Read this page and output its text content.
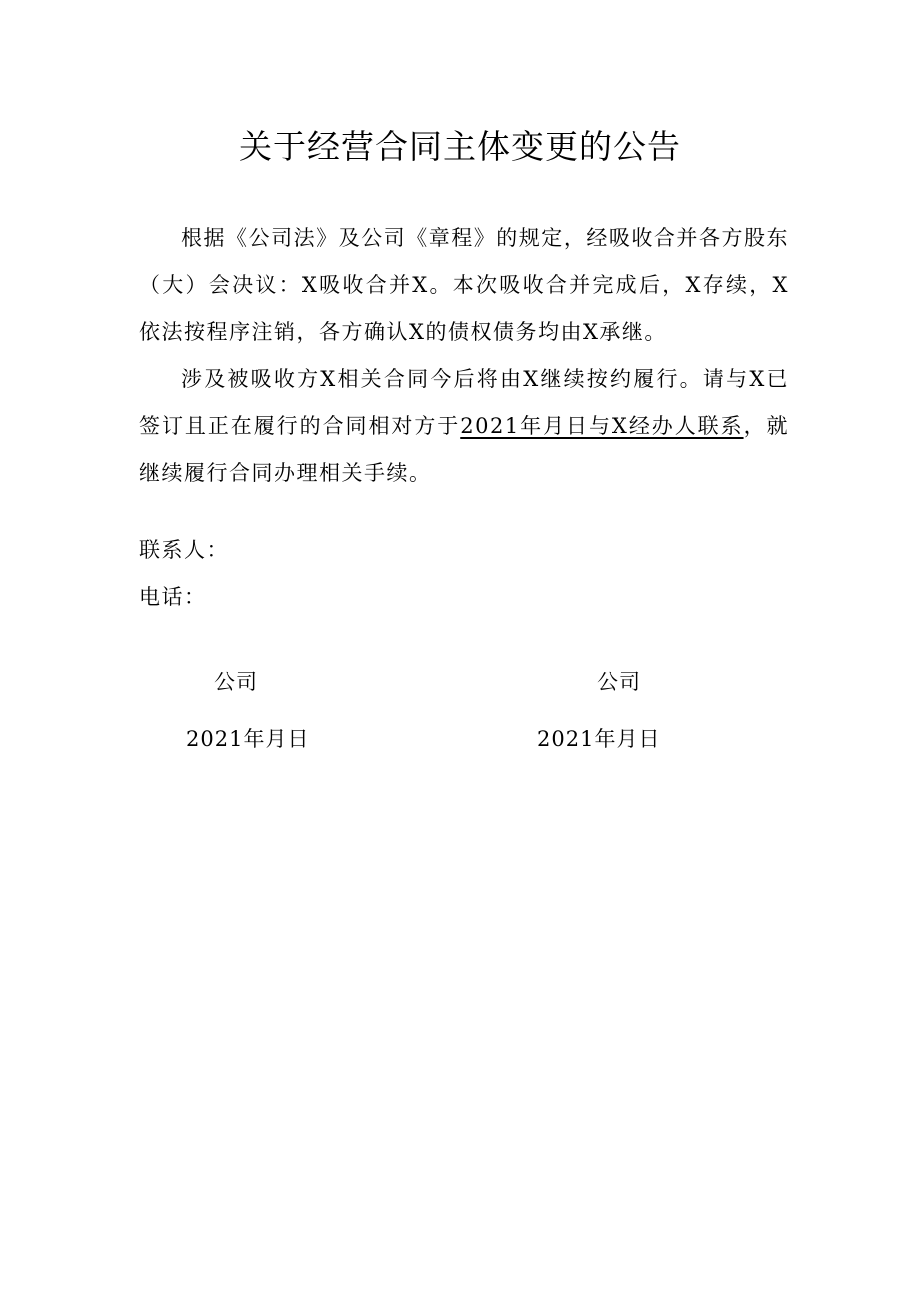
关于经营合同主体变更的公告

根据《公司法》及公司《章程》的规定，经吸收合并各方股东（大）会决议：X吸收合并X。本次吸收合并完成后，X存续，X依法按程序注销，各方确认X的债权债务均由X承继。

涉及被吸收方X相关合同今后将由X继续按约履行。请与X已签订且正在履行的合同相对方于2021年月日与X经办人联系，就继续履行合同办理相关手续。

联系人：
电话：
公司
2021年月日
公司
2021年月日
